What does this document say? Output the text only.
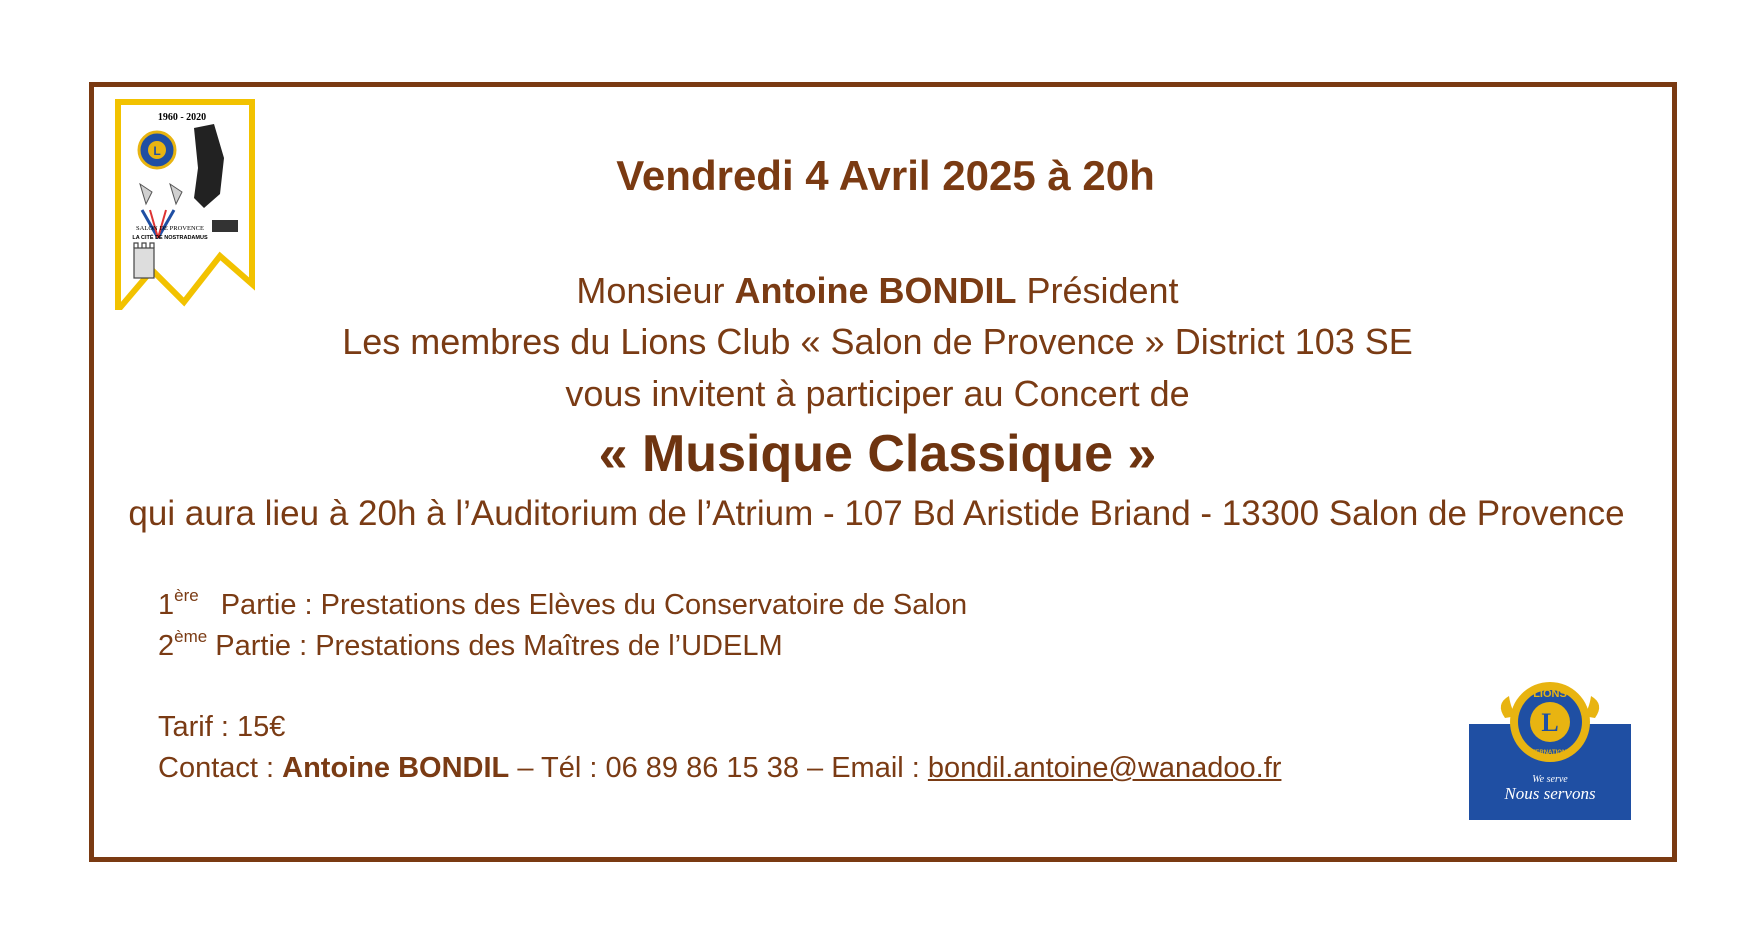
1960 - 2020
L
SALON DE PROVENCE
LA CITÉ DE NOSTRADAMUS
Vendredi 4 Avril 2025 à 20h
Monsieur Antoine BONDIL Président
Les membres du Lions Club « Salon de Provence » District 103 SE
vous invitent à participer au Concert de
« Musique Classique »
qui aura lieu à 20h à l’Auditorium de l’Atrium - 107 Bd Aristide Briand - 13300 Salon de Provence
1ère Partie : Prestations des Elèves du Conservatoire de Salon
2ème Partie : Prestations des Maîtres de l’UDELM
Tarif : 15€
Contact : Antoine BONDIL – Tél : 06 89 86 15 38 – Email : bondil.antoine@wanadoo.fr
L
LIONS
INTERNATIONAL
We serve
Nous servons
